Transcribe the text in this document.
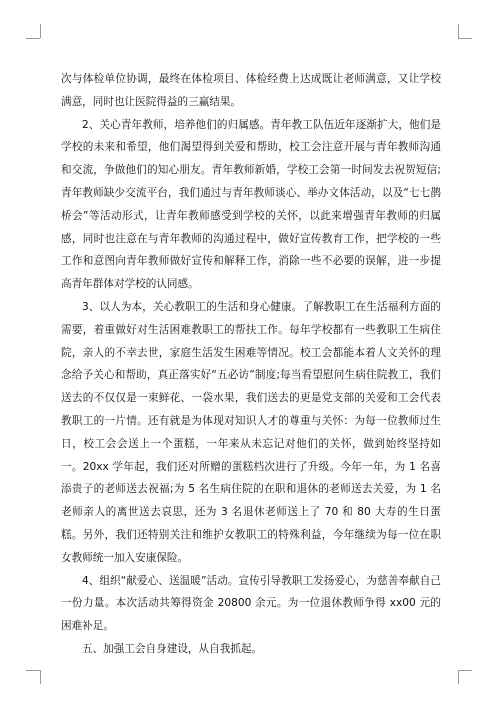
次与体检单位协调，最终在体检项目、体检经费上达成既让老师满意，又让学校满意，同时也让医院得益的三赢结果。

2、关心青年教师，培养他们的归属感。青年教工队伍近年逐渐扩大，他们是学校的未来和希望，他们渴望得到关爱和帮助，校工会注意开展与青年教师沟通和交流，争做他们的知心朋友。青年教师新婚，学校工会第一时间发去祝贺短信;青年教师缺少交流平台，我们通过与青年教师谈心、举办文体活动，以及“七七鹊桥会”等活动形式，让青年教师感受到学校的关怀，以此来增强青年教师的归属感，同时也注意在与青年教师的沟通过程中，做好宣传教育工作，把学校的一些工作和意图向青年教师做好宣传和解释工作，消除一些不必要的误解，进一步提高青年群体对学校的认同感。

3、以人为本，关心教职工的生活和身心健康。了解教职工在生活福利方面的需要，着重做好对生活困难教职工的帮扶工作。每年学校都有一些教职工生病住院，亲人的不幸去世，家庭生活发生困难等情况。校工会都能本着人文关怀的理念给予关心和帮助，真正落实好“五必访”制度;每当看望慰问生病住院教工，我们送去的不仅仅是一束鲜花、一袋水果，我们送去的更是党支部的关爱和工会代表教职工的一片情。还有就是为体现对知识人才的尊重与关怀：为每一位教师过生日，校工会会送上一个蛋糕，一年来从未忘记对他们的关怀，做到始终坚持如一。20xx 学年起，我们还对所赠的蛋糕档次进行了升级。今年一年，为 1 名喜添贵子的老师送去祝福;为 5 名生病住院的在职和退休的老师送去关爱，为 1 名老师亲人的离世送去哀思，还为 3 名退休老师送上了 70 和 80 大寿的生日蛋糕。另外，我们还特别关注和维护女教职工的特殊利益，今年继续为每一位在职女教师统一加入安康保险。

4、组织“献爱心、送温暖”活动。宣传引导教职工发扬爱心，为慈善奉献自己一份力量。本次活动共筹得资金 20800 余元。为一位退休教师争得 xx00 元的困难补足。

五、加强工会自身建设，从自我抓起。
